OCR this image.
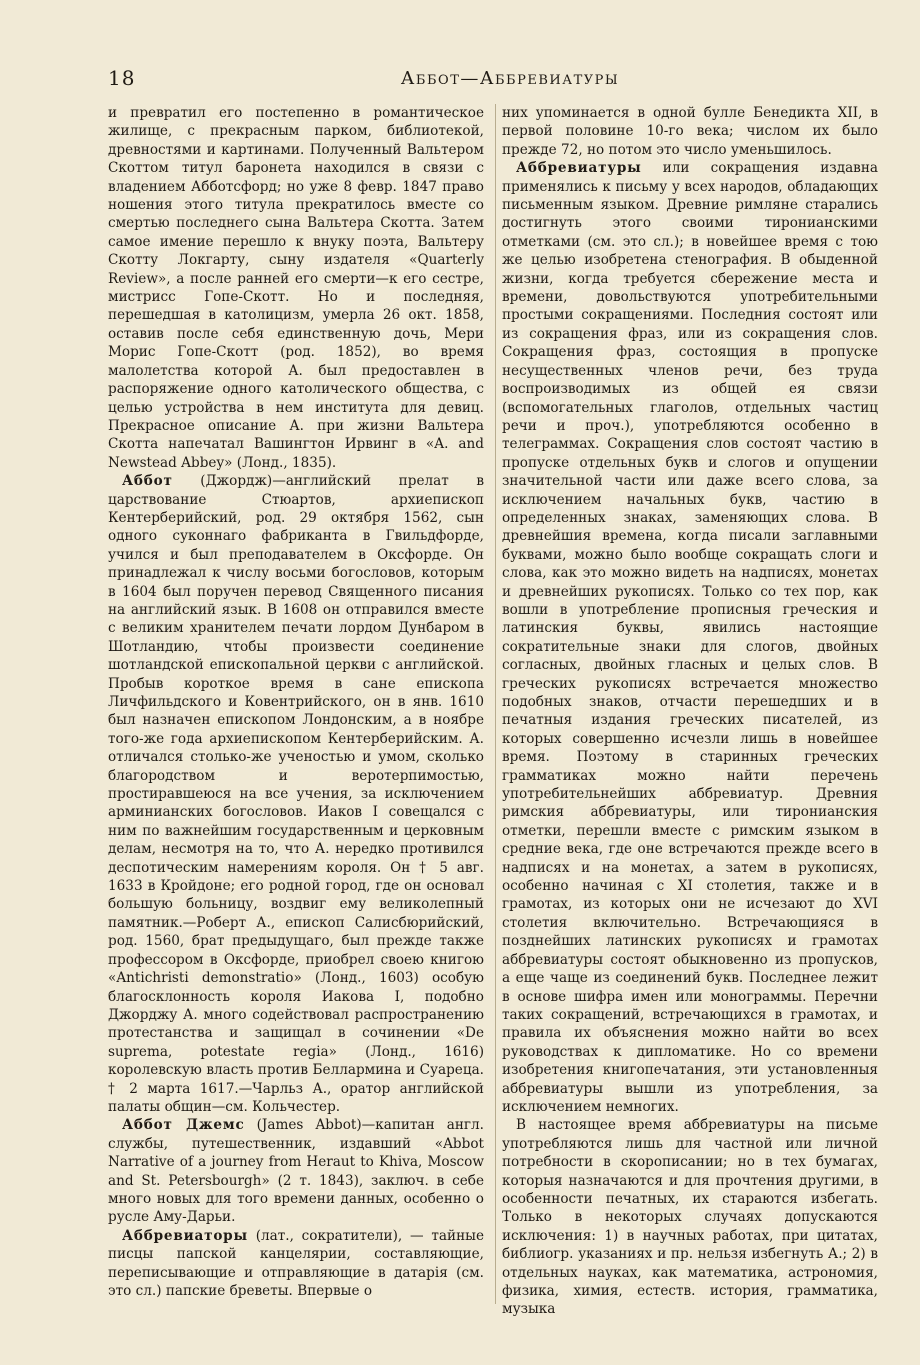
18	Аббот—Аббревиатуры

и превратил его постепенно в романтическое жилище, с прекрасным парком, библиотекой, древностями и картинами. Полученный Вальтером Скоттом титул баронета находился в связи с владением Абботсфорд; но уже 8 февр. 1847 право ношения этого титула прекратилось вместе со смертью последнего сына Вальтера Скотта. Затем самое имение перешло к внуку поэта, Вальтеру Скотту Локгарту, сыну издателя «Quarterly Review», а после ранней его смерти—к его сестре, мистрисс Гопе-Скотт. Но и последняя, перешедшая в католицизм, умерла 26 окт. 1858, оставив после себя единственную дочь, Мери Морис Гопе-Скотт (род. 1852), во время малолетства которой А. был предоставлен в распоряжение одного католического общества, с целью устройства в нем института для девиц. Прекрасное описание А. при жизни Вальтера Скотта напечатал Вашингтон Ирвинг в «A. and Newstead Abbey» (Лонд., 1835).

Аббот (Джордж)—английский прелат в царствование Стюартов, архиепископ Кентерберийский, род. 29 октября 1562, сын одного суконнаго фабриканта в Гвильдфорде, учился и был преподавателем в Оксфорде. Он принадлежал к числу восьми богословов, которым в 1604 был поручен перевод Священного писания на английский язык. В 1608 он отправился вместе с великим хранителем печати лордом Дунбаром в Шотландию, чтобы произвести соединение шотландской епископальной церкви с английской. Пробыв короткое время в сане епископа Личфильдского и Ковентрийского, он в янв. 1610 был назначен епископом Лондонским, а в ноябре того-же года архиепископом Кентерберийским. А. отличался столько-же ученостью и умом, сколько благородством и веротерпимостью, простиравшеюся на все учения, за исключением арминианских богословов. Иаков I совещался с ним по важнейшим государственным и церковным делам, несмотря на то, что А. нередко противился деспотическим намерениям короля. Он † 5 авг. 1633 в Кройдоне; его родной город, где он основал большую больницу, воздвиг ему великолепный памятник.—Роберт А., епископ Салисбюрийский, род. 1560, брат предыдущаго, был прежде также профессором в Оксфорде, приобрел своею книгою «Antichristi demonstratio» (Лонд., 1603) особую благосклонность короля Иакова I, подобно Джорджу А. много содействовал распространению протестанства и защищал в сочинении «De suprema, potestate regia» (Лонд., 1616) королевскую власть против Беллармина и Суареца. † 2 марта 1617.—Чарльз А., оратор английской палаты общин—см. Кольчестер.

Аббот Джемс (James Abbot)—капитан англ. службы, путешественник, издавший «Abbot Narrative of a journey from Heraut to Khiva, Moscow and St. Petersbourgh» (2 т. 1843), заключ. в себе много новых для того времени данных, особенно о русле Аму-Дарьи.

Аббревиаторы (лат., сократители), — тайные писцы папской канцелярии, составляющие, переписывающие и отправляющие в датарiя (см. это сл.) папские бреветы. Впервые о

них упоминается в одной булле Бенедикта XII, в первой половине 10-го века; числом их было прежде 72, но потом это число уменьшилось.

Аббревиатуры или сокращения издавна применялись к письму у всех народов, обладающих письменным языком. Древние римляне старались достигнуть этого своими тиронианскими отметками (см. это сл.); в новейшее время с тою же целью изобретена стенография. В обыденной жизни, когда требуется сбережение места и времени, довольствуются употребительными простыми сокращениями. Последния состоят или из сокращения фраз, или из сокращения слов. Сокращения фраз, состоящия в пропуске несущественных членов речи, без труда воспроизводимых из общей ея связи (вспомогательных глаголов, отдельных частиц речи и проч.), употребляются особенно в телеграммах. Сокращения слов состоят частию в пропуске отдельных букв и слогов и опущении значительной части или даже всего слова, за исключением начальных букв, частию в определенных знаках, заменяющих слова. В древнейшия времена, когда писали заглавными буквами, можно было вообще сокращать слоги и слова, как это можно видеть на надписях, монетах и древнейших рукописях. Только со тех пор, как вошли в употребление прописныя греческия и латинския буквы, явились настоящие сократительные знаки для слогов, двойных согласных, двойных гласных и целых слов. В греческих рукописях встречается множество подобных знаков, отчасти перешедших и в печатныя издания греческих писателей, из которых совершенно исчезли лишь в новейшее время. Поэтому в старинных греческих грамматиках можно найти перечень употребительнейших аббревиатур. Древния римския аббревиатуры, или тиронианския отметки, перешли вместе с римским языком в средние века, где оне встречаются прежде всего в надписях и на монетах, а затем в рукописях, особенно начиная с XI столетия, также и в грамотах, из которых они не исчезают до XVI столетия включительно. Встречающияся в позднейших латинских рукописях и грамотах аббревиатуры состоят обыкновенно из пропусков, а еще чаще из соединений букв. Последнее лежит в основе шифра имен или монограммы. Перечни таких сокращений, встречающихся в грамотах, и правила их объяснения можно найти во всех руководствах к дипломатике. Но со времени изобретения книгопечатания, эти установленныя аббревиатуры вышли из употребления, за исключением немногих.

В настоящее время аббревиатуры на письме употребляются лишь для частной или личной потребности в скорописании; но в тех бумагах, которыя назначаются и для прочтения другими, в особенности печатных, их стараются избегать. Только в некоторых случаях допускаются исключения: 1) в научных работах, при цитатах, библиогр. указаниях и пр. нельзя избегнуть А.; 2) в отдельных науках, как математика, астрономия, физика, химия, естеств. история, грамматика, музыка
